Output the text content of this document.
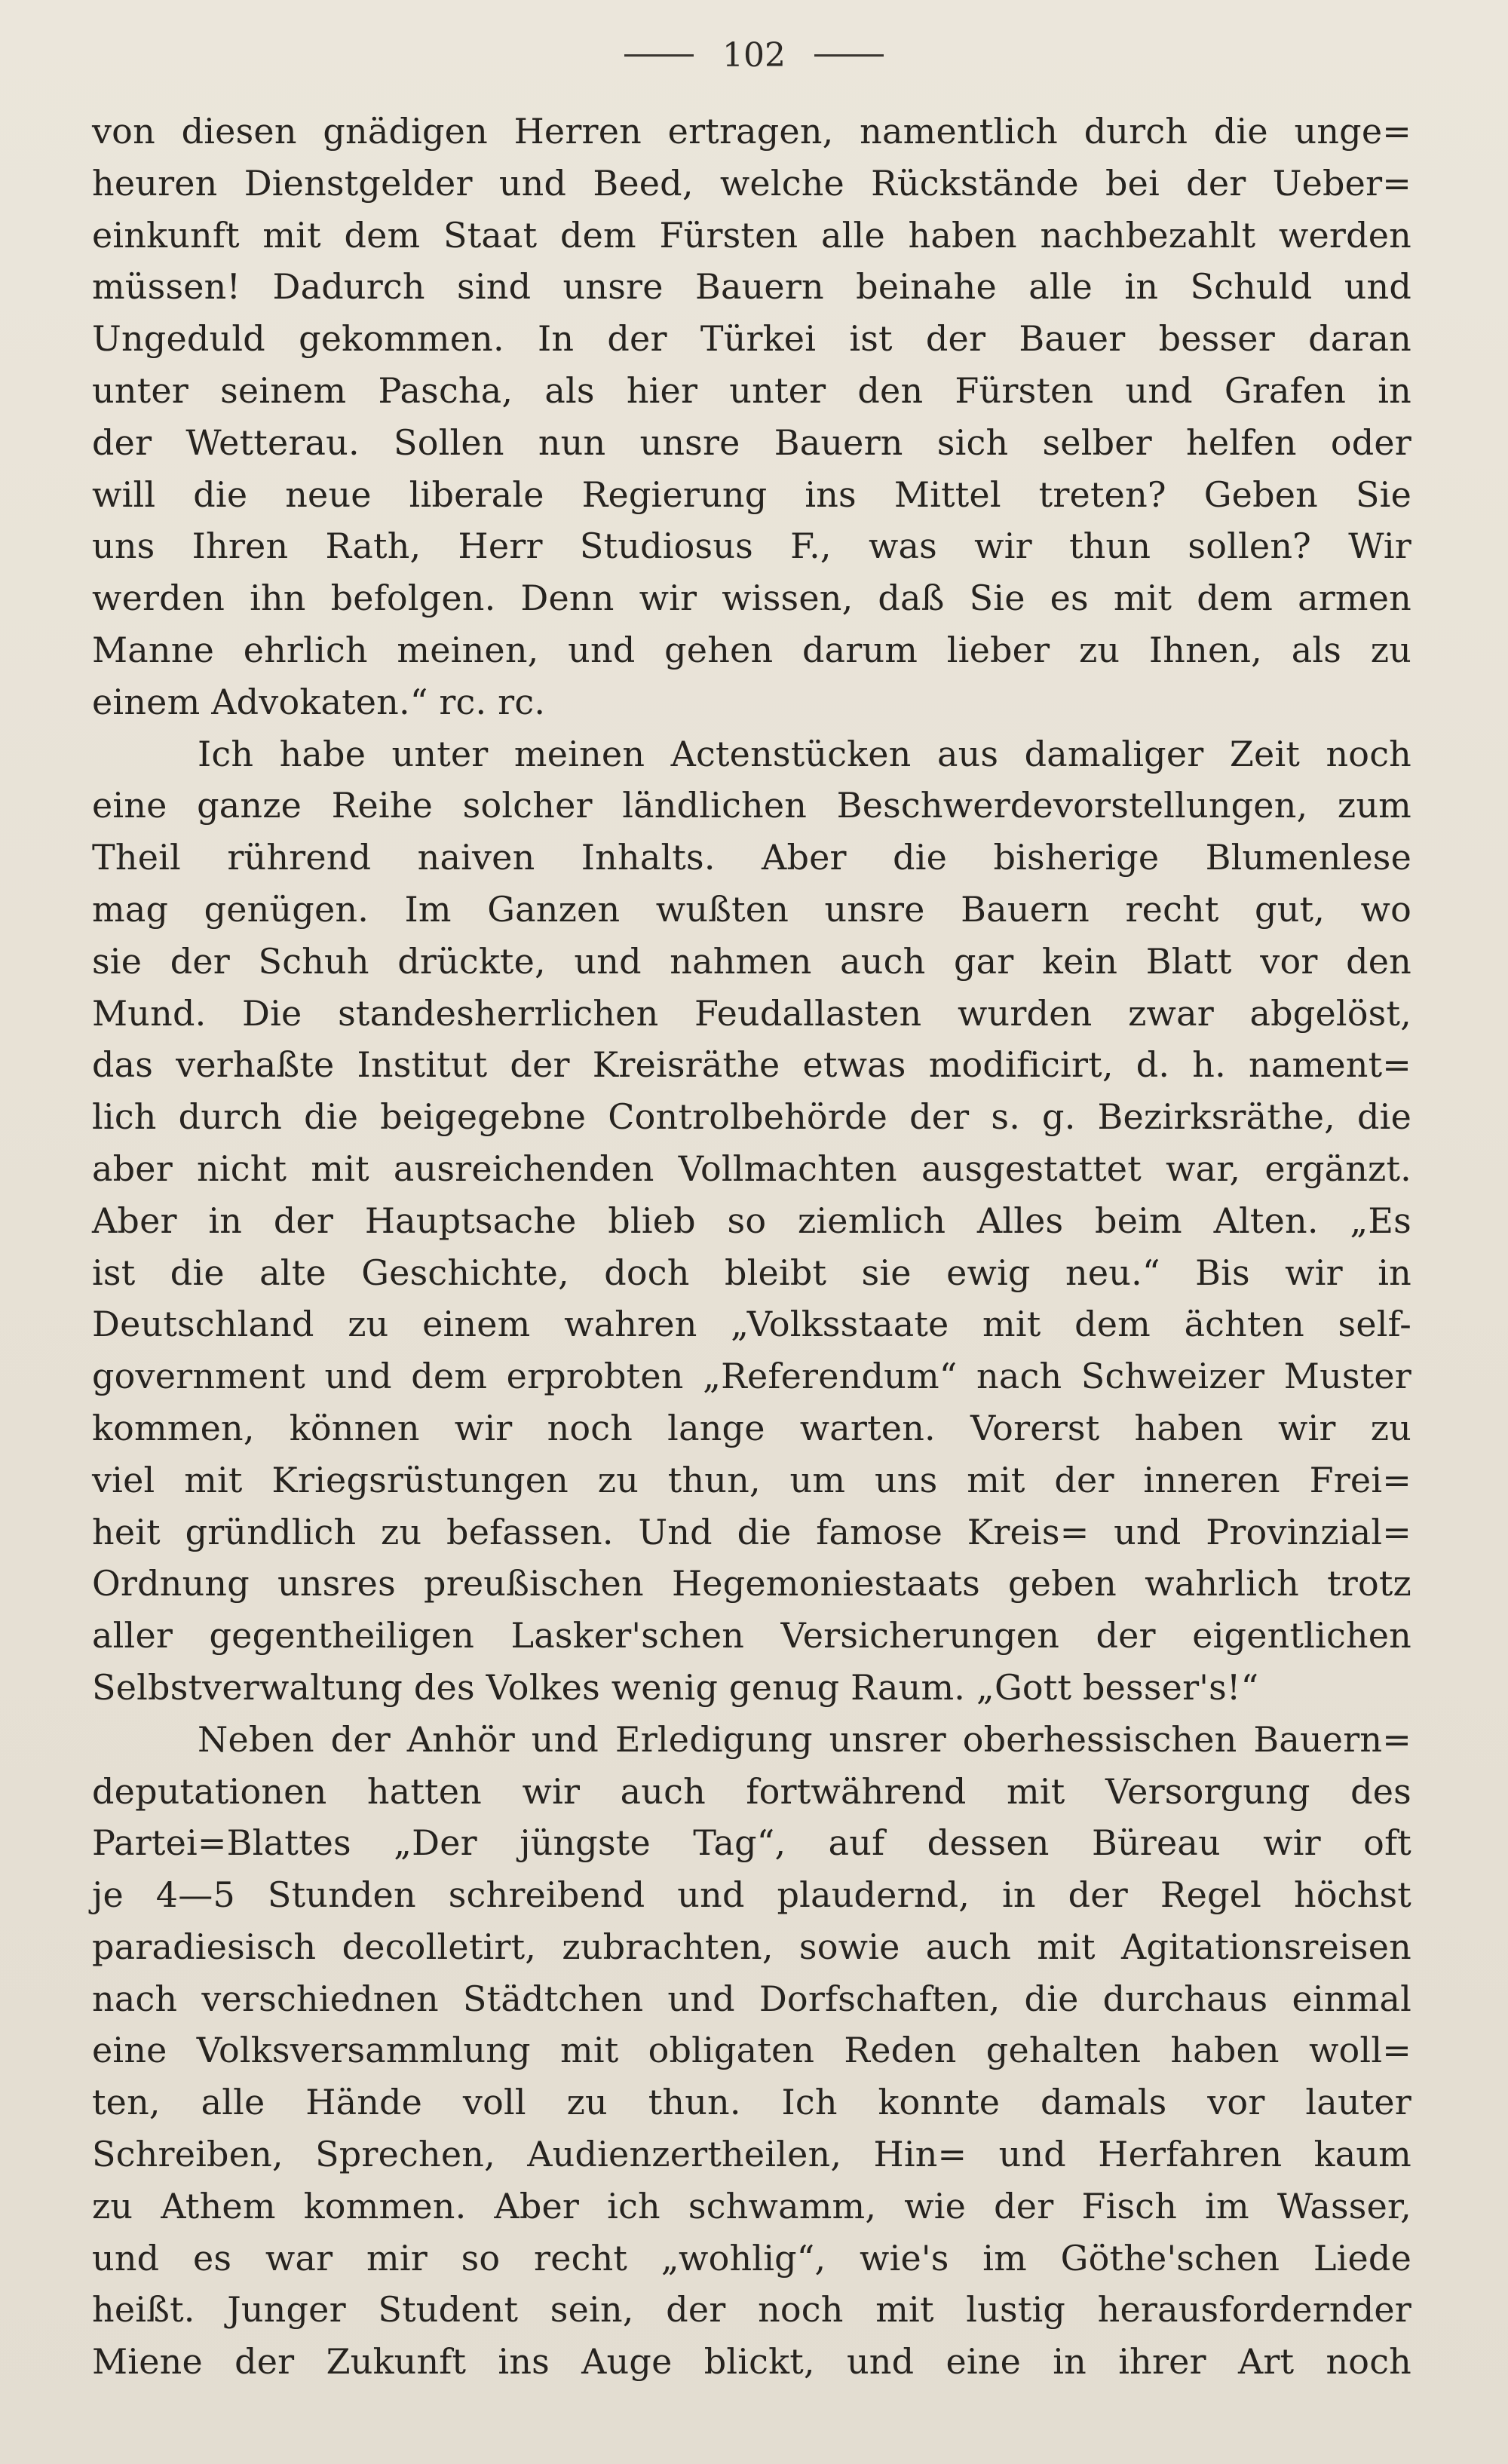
102
von diesen gnädigen Herren ertragen, namentlich durch die unge=
heuren Dienstgelder und Beed, welche Rückstände bei der Ueber=
einkunft mit dem Staat dem Fürsten alle haben nachbezahlt werden
müssen! Dadurch sind unsre Bauern beinahe alle in Schuld und
Ungeduld gekommen. In der Türkei ist der Bauer besser daran
unter seinem Pascha, als hier unter den Fürsten und Grafen in
der Wetterau. Sollen nun unsre Bauern sich selber helfen oder
will die neue liberale Regierung ins Mittel treten? Geben Sie
uns Ihren Rath, Herr Studiosus F., was wir thun sollen? Wir
werden ihn befolgen. Denn wir wissen, daß Sie es mit dem armen
Manne ehrlich meinen, und gehen darum lieber zu Ihnen, als zu
einem Advokaten.“ rc. rc.
Ich habe unter meinen Actenstücken aus damaliger Zeit noch
eine ganze Reihe solcher ländlichen Beschwerdevorstellungen, zum
Theil rührend naiven Inhalts. Aber die bisherige Blumenlese
mag genügen. Im Ganzen wußten unsre Bauern recht gut, wo
sie der Schuh drückte, und nahmen auch gar kein Blatt vor den
Mund. Die standesherrlichen Feudallasten wurden zwar abgelöst,
das verhaßte Institut der Kreisräthe etwas modificirt, d. h. nament=
lich durch die beigegebne Controlbehörde der s. g. Bezirksräthe, die
aber nicht mit ausreichenden Vollmachten ausgestattet war, ergänzt.
Aber in der Hauptsache blieb so ziemlich Alles beim Alten. „Es
ist die alte Geschichte, doch bleibt sie ewig neu.“ Bis wir in
Deutschland zu einem wahren „Volksstaate mit dem ächten self-
government und dem erprobten „Referendum“ nach Schweizer Muster
kommen, können wir noch lange warten. Vorerst haben wir zu
viel mit Kriegsrüstungen zu thun, um uns mit der inneren Frei=
heit gründlich zu befassen. Und die famose Kreis= und Provinzial=
Ordnung unsres preußischen Hegemoniestaats geben wahrlich trotz
aller gegentheiligen Lasker'schen Versicherungen der eigentlichen
Selbstverwaltung des Volkes wenig genug Raum. „Gott besser's!“
Neben der Anhör und Erledigung unsrer oberhessischen Bauern=
deputationen hatten wir auch fortwährend mit Versorgung des
Partei=Blattes „Der jüngste Tag“, auf dessen Büreau wir oft
je 4—5 Stunden schreibend und plaudernd, in der Regel höchst
paradiesisch decolletirt, zubrachten, sowie auch mit Agitationsreisen
nach verschiednen Städtchen und Dorfschaften, die durchaus einmal
eine Volksversammlung mit obligaten Reden gehalten haben woll=
ten, alle Hände voll zu thun. Ich konnte damals vor lauter
Schreiben, Sprechen, Audienzertheilen, Hin= und Herfahren kaum
zu Athem kommen. Aber ich schwamm, wie der Fisch im Wasser,
und es war mir so recht „wohlig“, wie's im Göthe'schen Liede
heißt. Junger Student sein, der noch mit lustig herausfordernder
Miene der Zukunft ins Auge blickt, und eine in ihrer Art noch
